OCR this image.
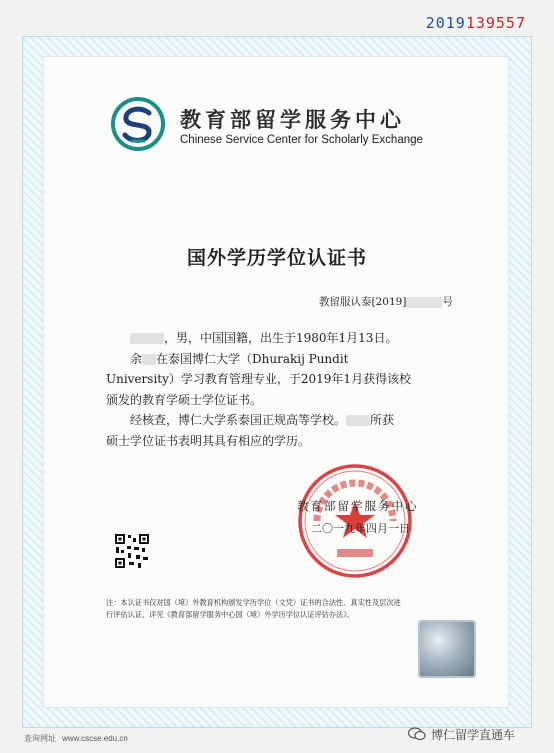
2019139557
教育部留学服务中心
Chinese Service Center for Scholarly Exchange
国外学历学位认证书
教留服认泰[2019]	号

，男，中国国籍，出生于1980年1月13日。

余 在泰国博仁大学（Dhurakij Pundit

University）学习教育管理专业，于2019年1月获得该校
颁发的教育学硕士学位证书。

经核查，博仁大学系泰国正规高等学校。 所获

硕士学位证书表明其具有相应的学历。
教育部留学服务中心
二〇一九年四月一日
注：本认证书仅对国（境）外教育机构颁发学历学位（文凭）证书的合法性、真实性及层次进行评估认证，详见《教育部留学服务中心国（境）外学历学位认证评估办法》。
查询网址 www.cscse.edu.cn	博仁留学直通车
